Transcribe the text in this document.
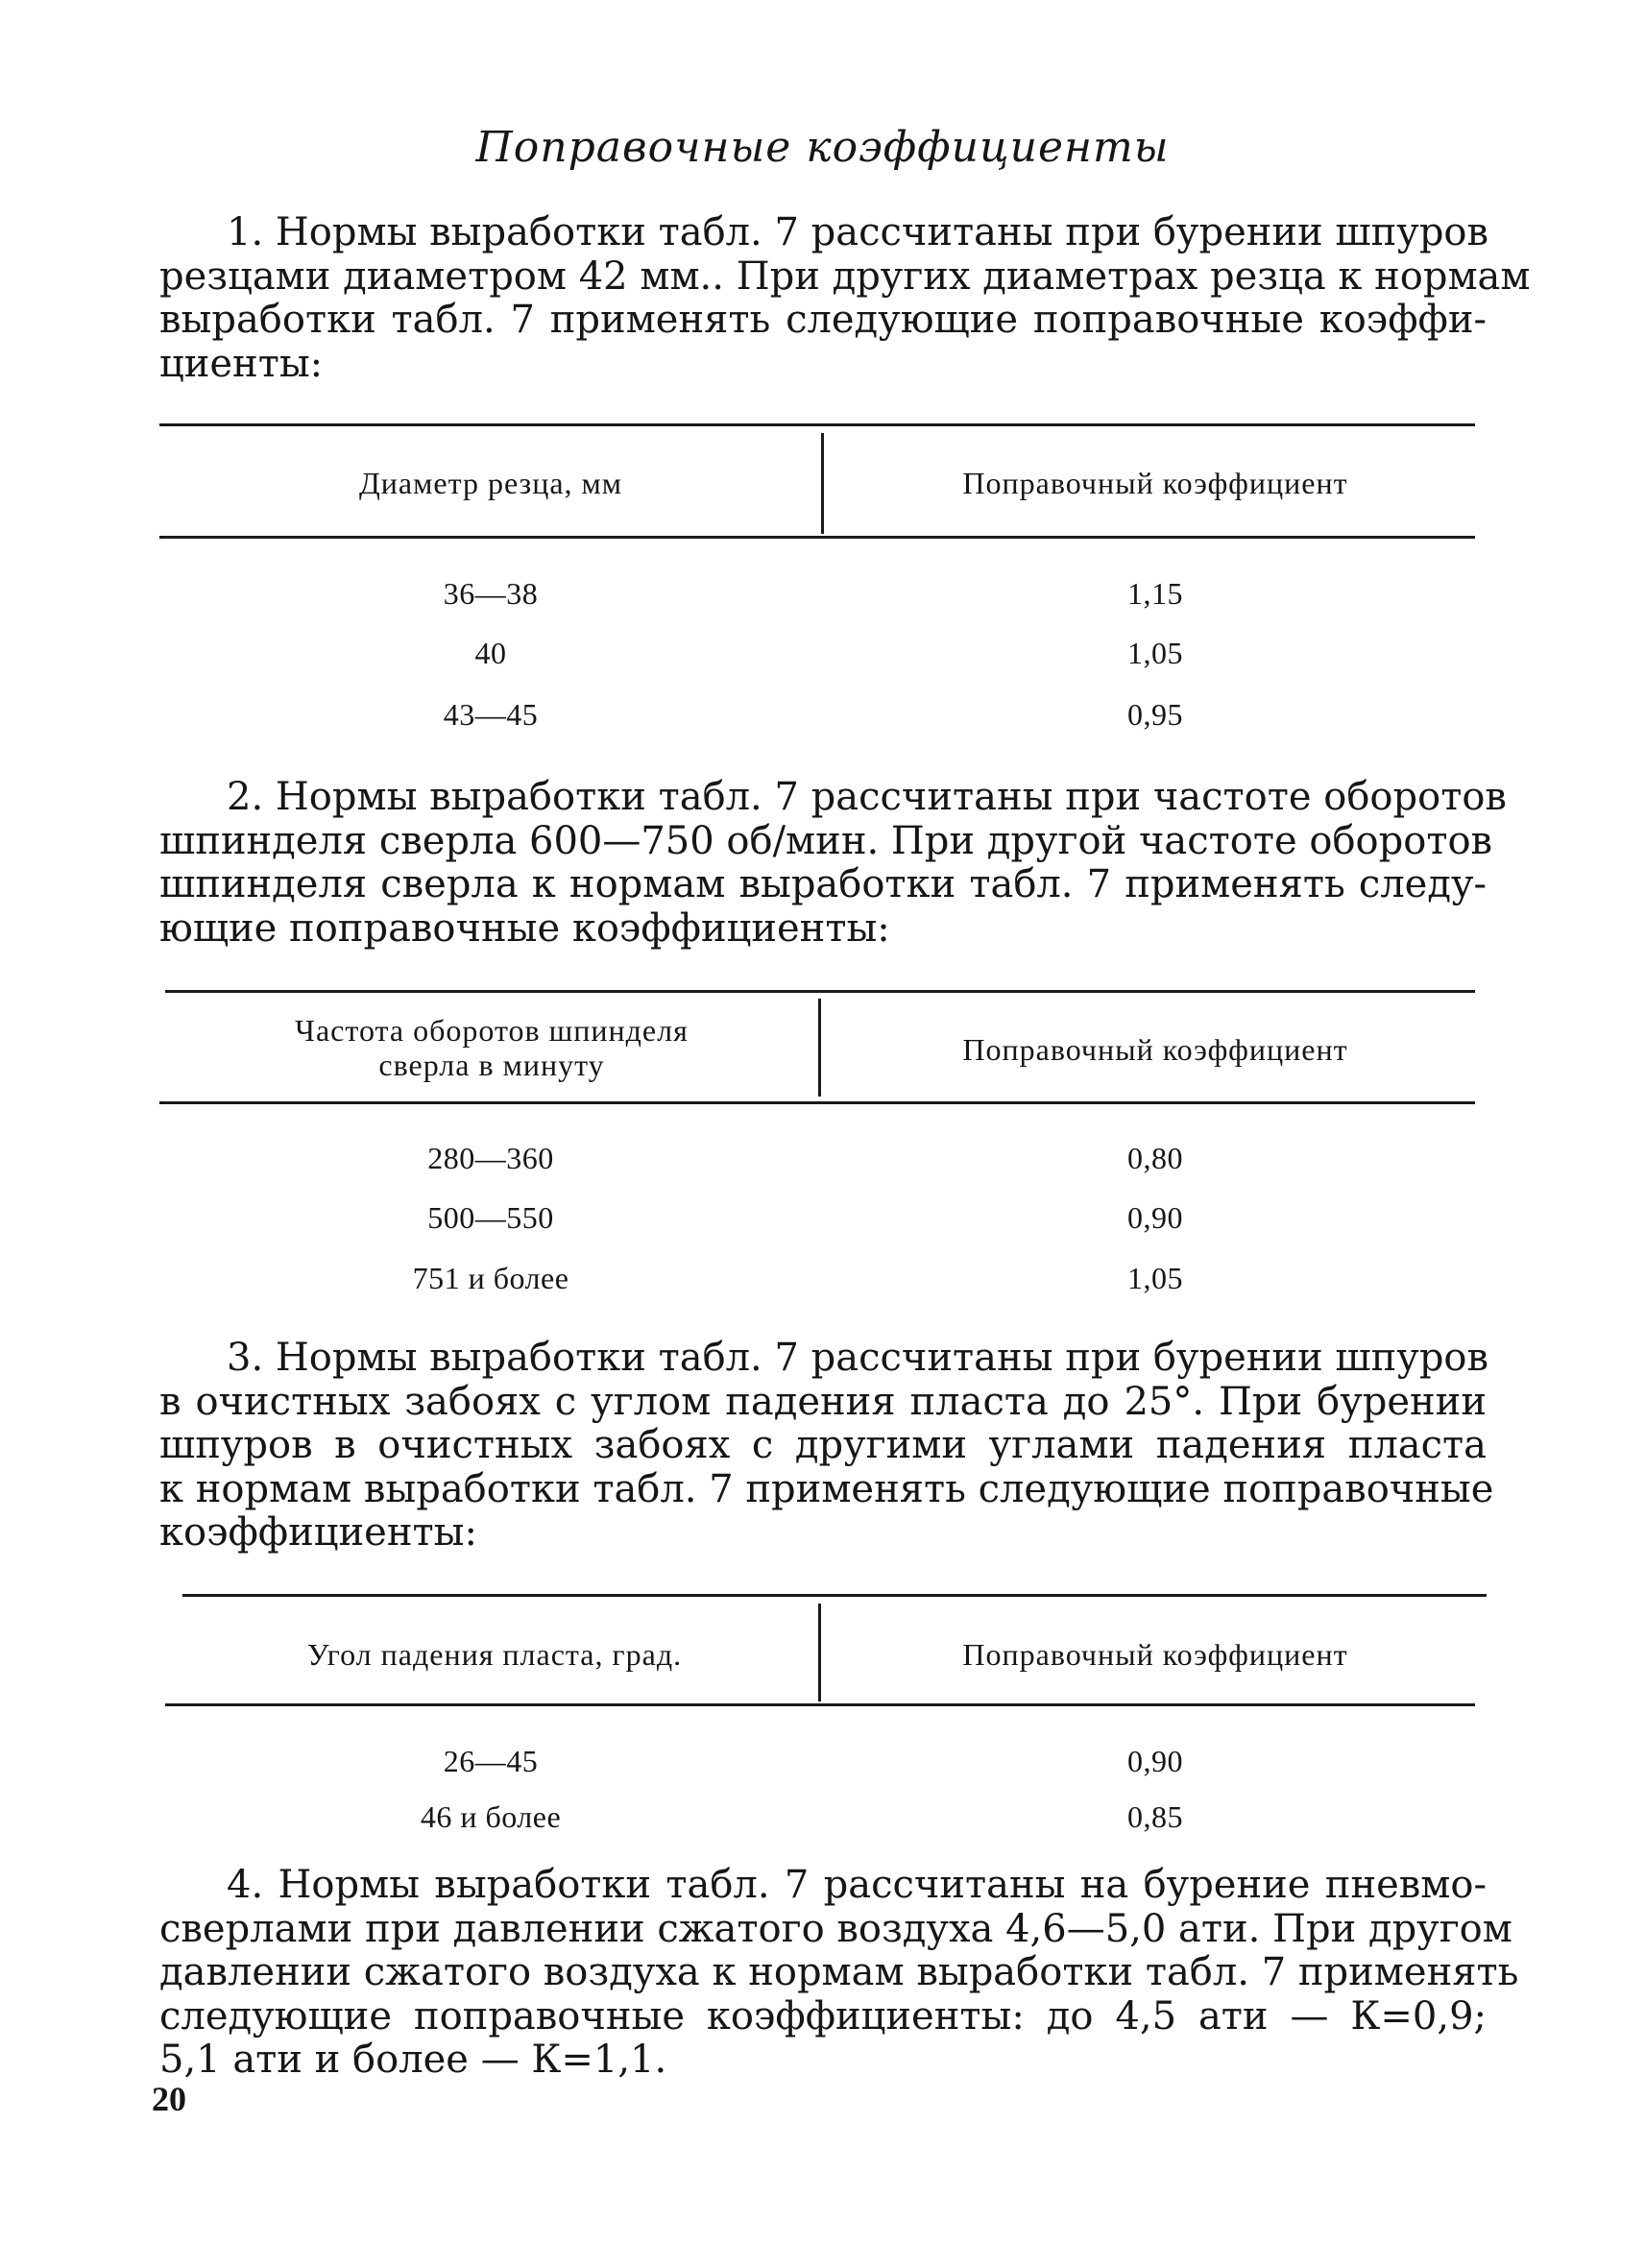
Поправочные коэффициенты
1. Нормы выработки табл. 7 рассчитаны при бурении шпуров
резцами диаметром 42 мм.. При других диаметрах резца к нормам
выработки табл. 7 применять следующие поправочные коэффи-
циенты:
Диаметр резца, мм	Поправочный коэффициент
36—38	1,15
40	1,05
43—45	0,95
2. Нормы выработки табл. 7 рассчитаны при частоте оборотов
шпинделя сверла 600—750 об/мин. При другой частоте оборотов
шпинделя сверла к нормам выработки табл. 7 применять следу-
ющие поправочные коэффициенты:
Частота оборотов шпинделя
сверла в минуту	Поправочный коэффициент
280—360	0,80
500—550	0,90
751 и более	1,05
3. Нормы выработки табл. 7 рассчитаны при бурении шпуров
в очистных забоях с углом падения пласта до 25°. При бурении
шпуров в очистных забоях с другими углами падения пласта
к нормам выработки табл. 7 применять следующие поправочные
коэффициенты:
Угол падения пласта, град.	Поправочный коэффициент
26—45	0,90
46 и более	0,85
4. Нормы выработки табл. 7 рассчитаны на бурение пневмо-
сверлами при давлении сжатого воздуха 4,6—5,0 ати. При другом
давлении сжатого воздуха к нормам выработки табл. 7 применять
следующие поправочные коэффициенты: до 4,5 ати — К=0,9;
5,1 ати и более — К=1,1.
20
